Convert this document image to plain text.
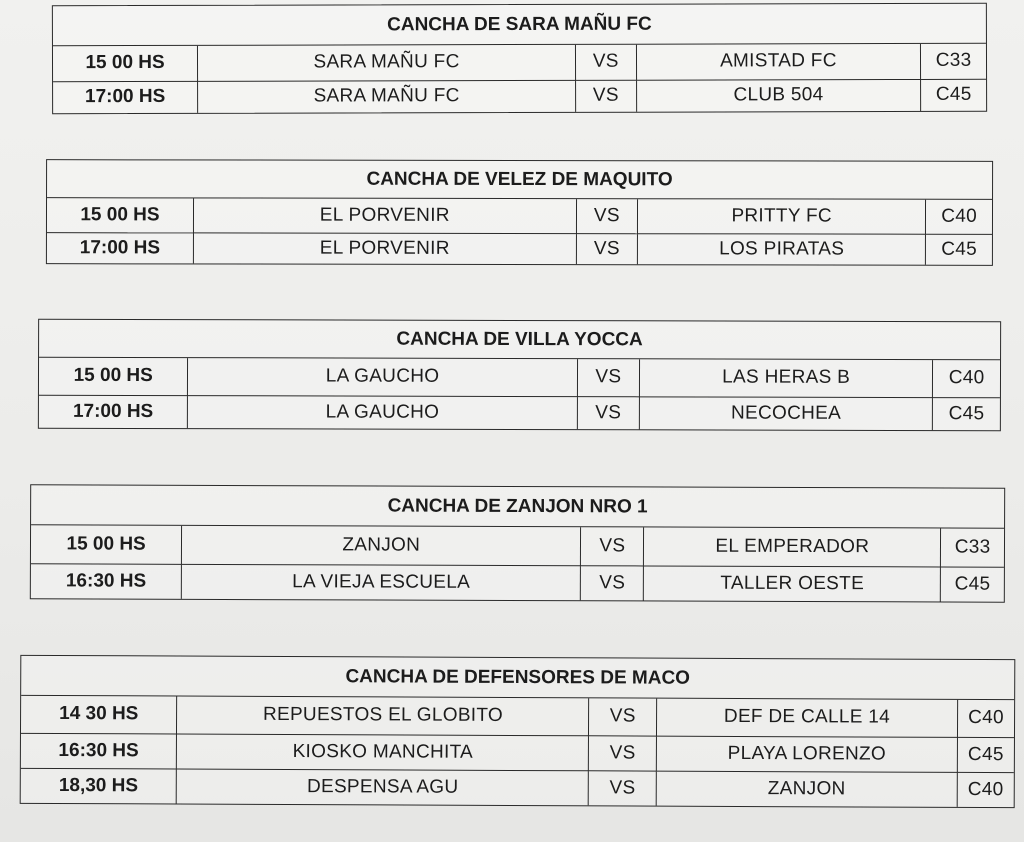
CANCHA DE SARA MAÑU FC
15 00 HS	SARA MAÑU FC	VS	AMISTAD FC	C33
17:00 HS	SARA MAÑU FC	VS	CLUB 504	C45
CANCHA DE VELEZ DE MAQUITO
15 00 HS	EL PORVENIR	VS	PRITTY FC	C40
17:00 HS	EL PORVENIR	VS	LOS PIRATAS	C45
CANCHA DE VILLA YOCCA
15 00 HS	LA GAUCHO	VS	LAS HERAS B	C40
17:00 HS	LA GAUCHO	VS	NECOCHEA	C45
CANCHA DE ZANJON NRO 1
15 00 HS	ZANJON	VS	EL EMPERADOR	C33
16:30 HS	LA VIEJA ESCUELA	VS	TALLER OESTE	C45
CANCHA DE DEFENSORES DE MACO
14 30 HS	REPUESTOS EL GLOBITO	VS	DEF DE CALLE 14	C40
16:30 HS	KIOSKO MANCHITA	VS	PLAYA LORENZO	C45
18,30 HS	DESPENSA AGU	VS	ZANJON	C40
